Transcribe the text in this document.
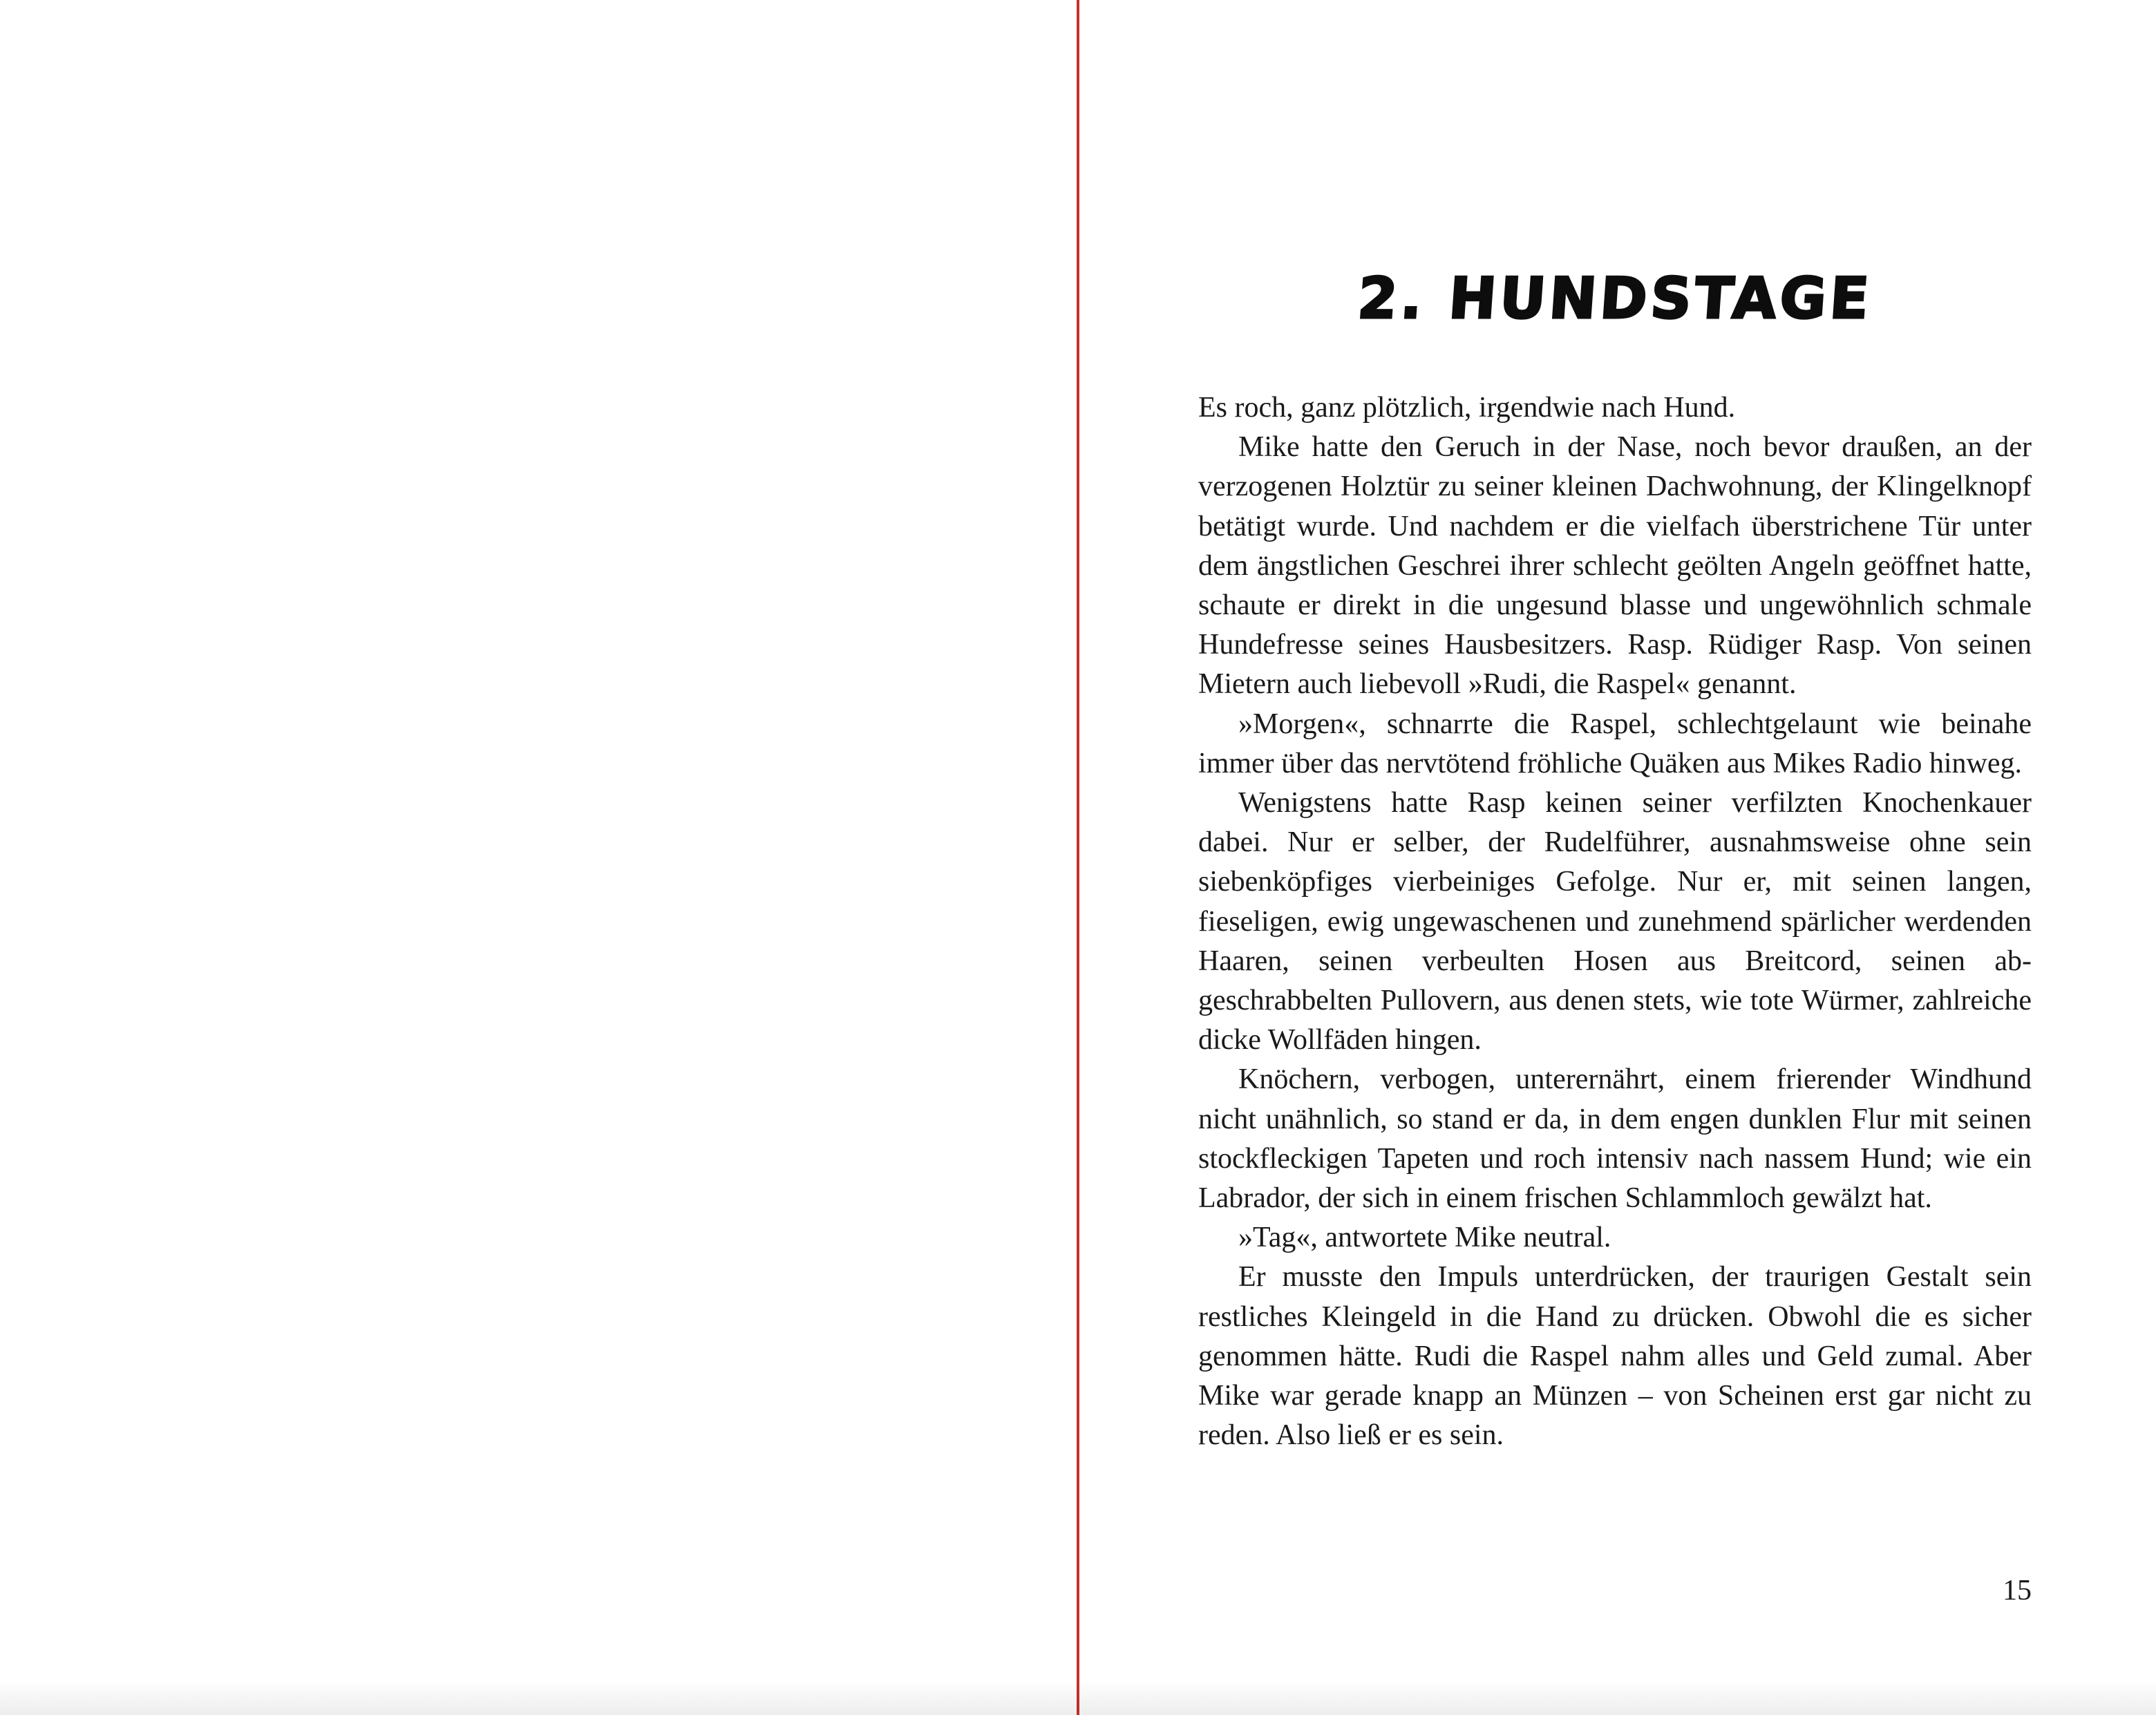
2. HUNDSTAGE

Es roch, ganz plötzlich, irgendwie nach Hund.

Mike hatte den Geruch in der Nase, noch bevor draußen, an der verzogenen Holztür zu seiner kleinen Dachwohnung, der Klingelknopf betätigt wurde. Und nachdem er die vielfach überstrichene Tür unter dem ängstlichen Geschrei ihrer schlecht geölten Angeln geöffnet hatte, schaute er direkt in die ungesund blasse und ungewöhnlich schmale Hundefresse seines Hausbesitzers. Rasp. Rüdiger Rasp. Von seinen Mietern auch liebevoll »Rudi, die Raspel« genannt.

»Morgen«, schnarrte die Raspel, schlechtgelaunt wie beinahe immer über das nervtötend fröhliche Quäken aus Mikes Radio hinweg.

Wenigstens hatte Rasp keinen seiner verfilzten Knochenkauer dabei. Nur er selber, der Rudelführer, ausnahmsweise ohne sein siebenköpfiges vierbeiniges Gefolge. Nur er, mit seinen langen, fieseligen, ewig ungewaschenen und zunehmend spärlicher werdenden Haaren, seinen verbeulten Hosen aus Breitcord, seinen abgeschrabbelten Pullovern, aus denen stets, wie tote Würmer, zahlreiche dicke Wollfäden hingen.

Knöchern, verbogen, unterernährt, einem frierender Windhund nicht unähnlich, so stand er da, in dem engen dunklen Flur mit seinen stockfleckigen Tapeten und roch intensiv nach nassem Hund; wie ein Labrador, der sich in einem frischen Schlammloch gewälzt hat.

»Tag«, antwortete Mike neutral.

Er musste den Impuls unterdrücken, der traurigen Gestalt sein restliches Kleingeld in die Hand zu drücken. Obwohl die es sicher genommen hätte. Rudi die Raspel nahm alles und Geld zumal. Aber Mike war gerade knapp an Münzen – von Scheinen erst gar nicht zu reden. Also ließ er es sein.

15
